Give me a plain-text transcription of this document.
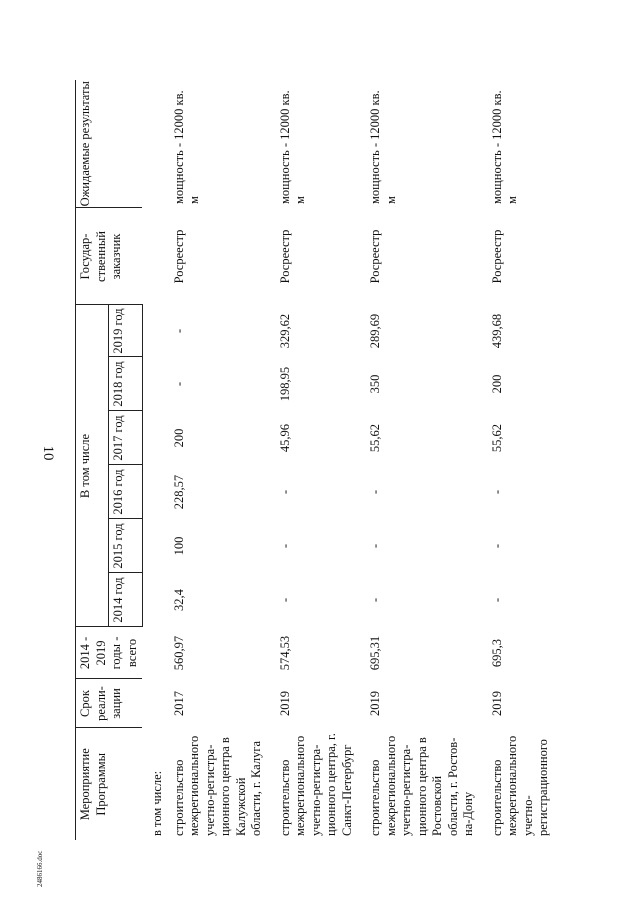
10
Мероприятие Программы	Срок реали-зации	2014 - 2019 годы - всего	В том числе						Государ-ственный заказчик	Ожидаемые результаты
			2014 год	2015 год	2016 год	2017 год	2018 год	2019 год		
в том числе:										
строительство межрегионального учетно-регистра-ционного центра в Калужской области, г. Калуга	2017	560,97	32,4	100	228,57	200	-	-	Росреестр	мощность - 12000 кв. м
строительство межрегионального учетно-регистра-ционного центра, г. Санкт-Петербург	2019	574,53	-	-	-	45,96	198,95	329,62	Росреестр	мощность - 12000 кв. м
строительство межрегионального учетно-регистра-ционного центра в Ростовской области, г. Ростов-на-Дону	2019	695,31	-	-	-	55,62	350	289,69	Росреестр	мощность - 12000 кв. м
строительство межрегионального учетно-регистрационного	2019	695,3	-	-	-	55,62	200	439,68	Росреестр	мощность - 12000 кв. м
2486166.doc
